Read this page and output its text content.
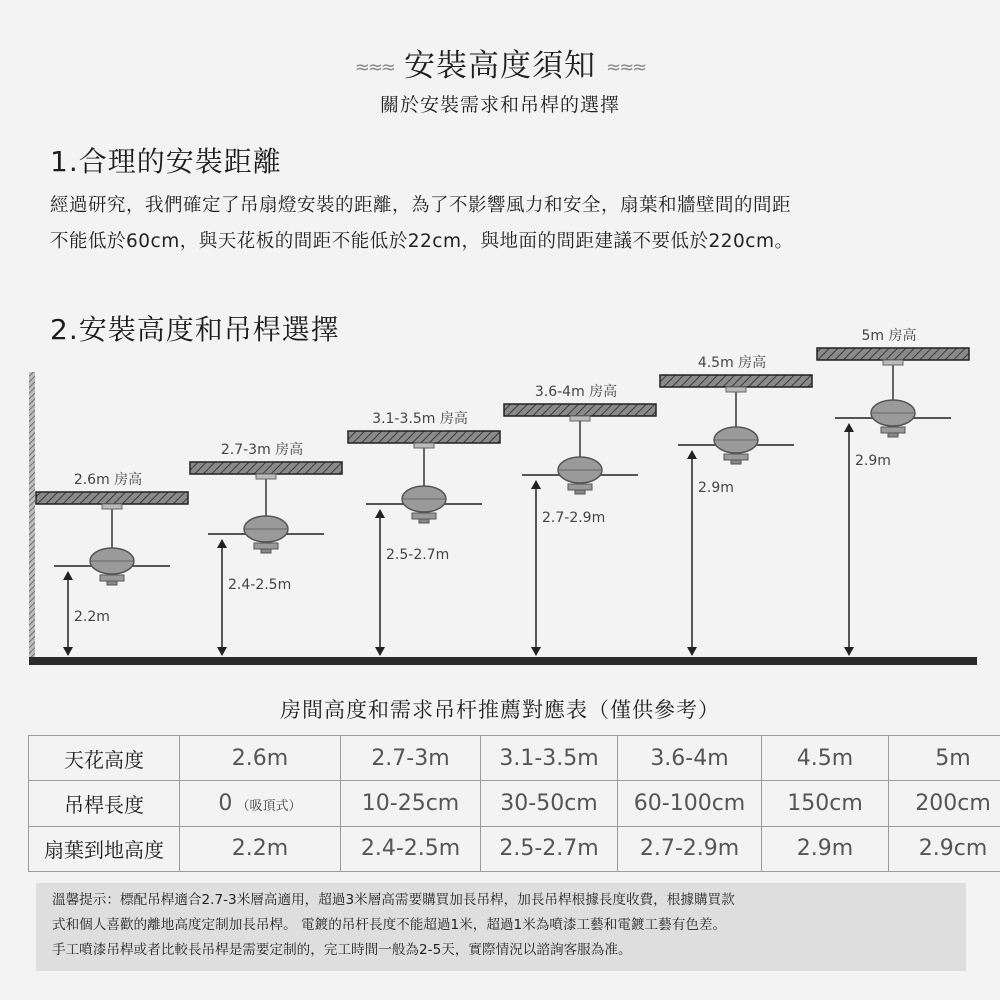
≈≈≈ 安裝高度須知 ≈≈≈
關於安裝需求和吊桿的選擇
1.合理的安裝距離
經過研究，我們確定了吊扇燈安裝的距離，為了不影響風力和安全，扇葉和牆壁間的間距
不能低於60cm，與天花板的間距不能低於22cm，與地面的間距建議不要低於220cm。
2.安裝高度和吊桿選擇
2.6m 房高
2.2m
2.7-3m 房高
2.4-2.5m
3.1-3.5m 房高
2.5-2.7m
3.6-4m 房高
2.7-2.9m
4.5m 房高
2.9m
5m 房高
2.9m
房間高度和需求吊杆推薦對應表（僅供參考）
天花高度	2.6m	2.7-3m	3.1-3.5m	3.6-4m	4.5m	5m
吊桿長度	0 （吸頂式）	10-25cm	30-50cm	60-100cm	150cm	200cm
扇葉到地高度	2.2m	2.4-2.5m	2.5-2.7m	2.7-2.9m	2.9m	2.9cm
溫馨提示：標配吊桿適合2.7-3米層高適用，超過3米層高需要購買加長吊桿，加長吊桿根據長度收費，根據購買款
式和個人喜歡的離地高度定制加長吊桿。 電鍍的吊杆長度不能超過1米，超過1米為噴漆工藝和電鍍工藝有色差。
手工噴漆吊桿或者比較長吊桿是需要定制的，完工時間一般為2-5天，實際情況以諮詢客服為准。
